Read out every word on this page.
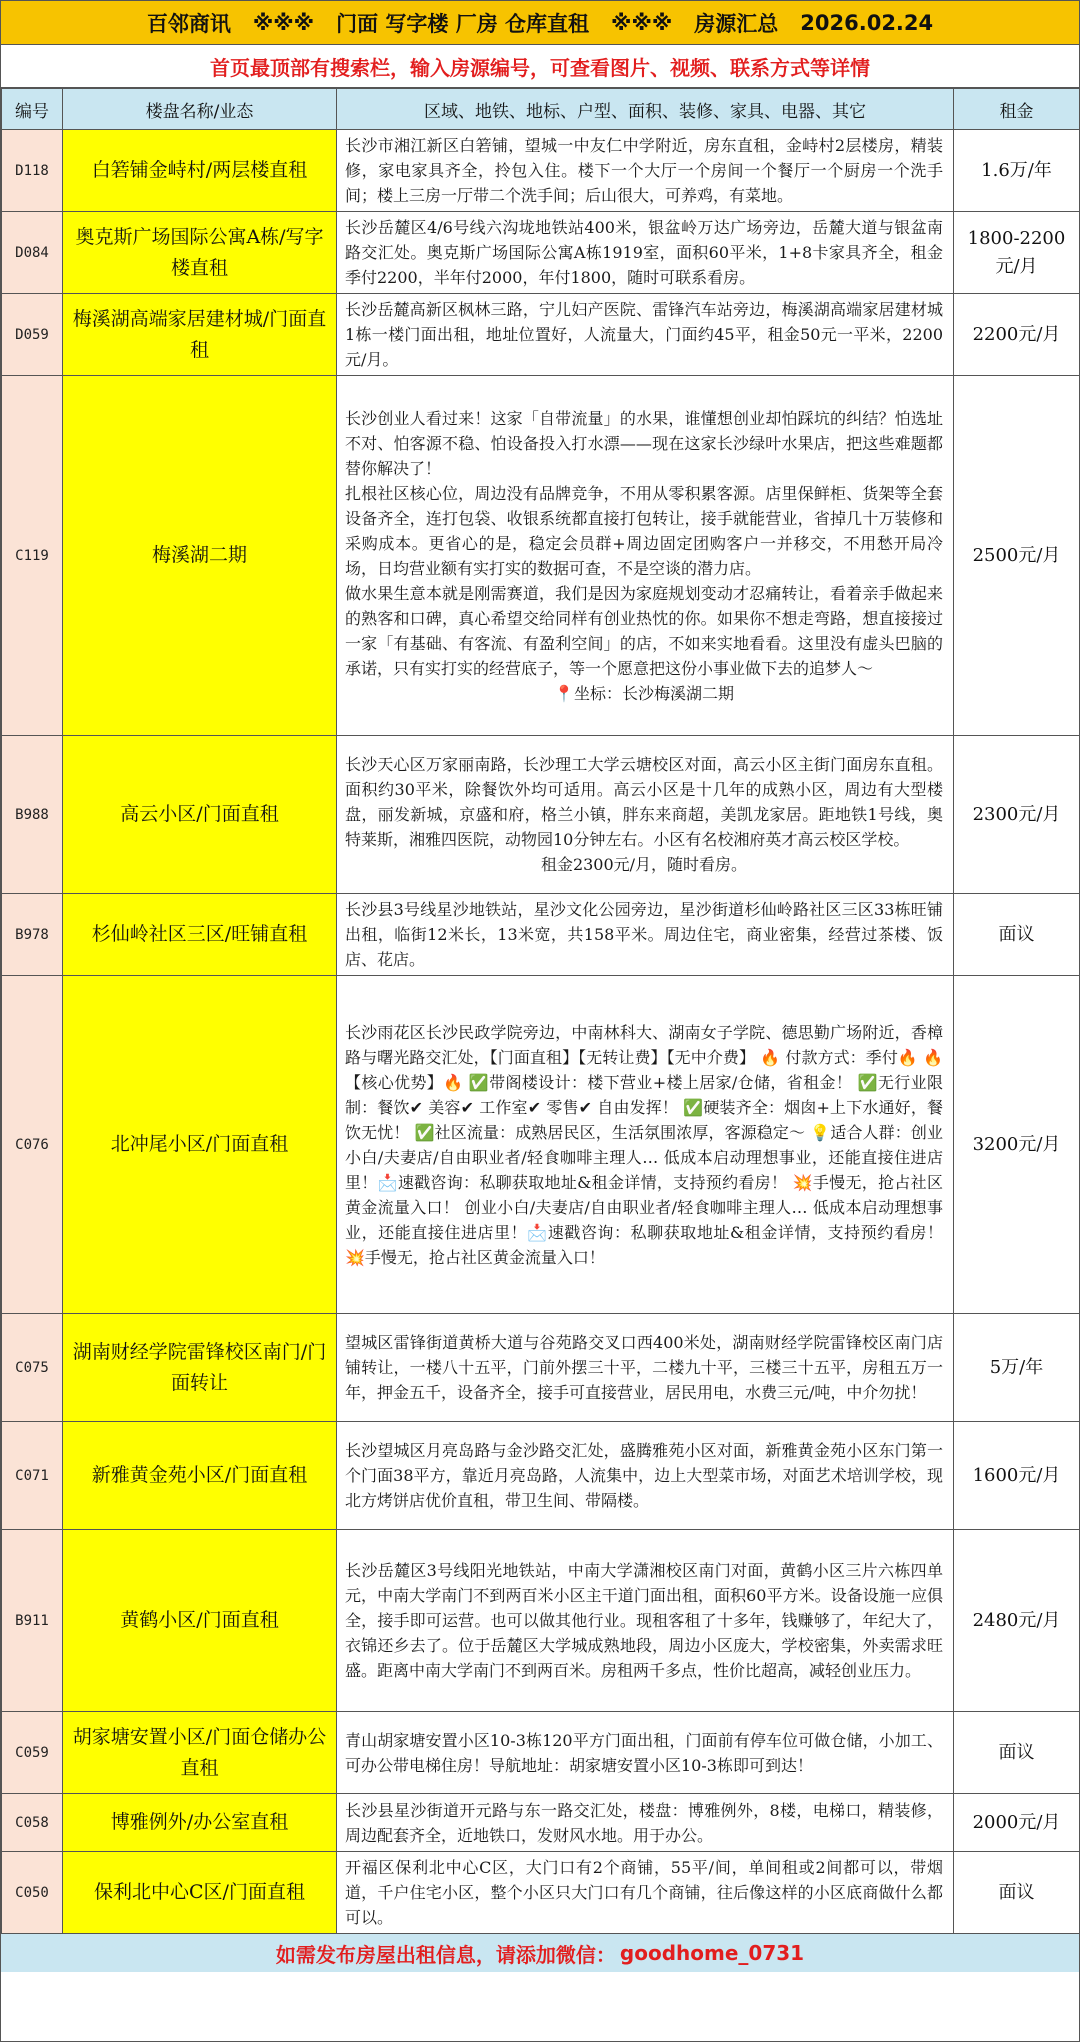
百邻商讯 ※※※ 门面 写字楼 厂房 仓库直租 ※※※ 房源汇总 2026.02.24
首页最顶部有搜索栏，输入房源编号，可查看图片、视频、联系方式等详情
编号	楼盘名称/业态	区域、地铁、地标、户型、面积、装修、家具、电器、其它	租金
D118	白箬铺金峙村/两层楼直租	长沙市湘江新区白箬铺，望城一中友仁中学附近，房东直租，金峙村2层楼房，精装修，家电家具齐全，拎包入住。楼下一个大厅一个房间一个餐厅一个厨房一个洗手间；楼上三房一厅带二个洗手间；后山很大，可养鸡，有菜地。	1.6万/年
D084	奥克斯广场国际公寓A栋/写字楼直租	长沙岳麓区4/6号线六沟垅地铁站400米，银盆岭万达广场旁边，岳麓大道与银盆南路交汇处。奥克斯广场国际公寓A栋1919室，面积60平米，1+8卡家具齐全，租金季付2200，半年付2000，年付1800，随时可联系看房。	1800-2200元/月
D059	梅溪湖高端家居建材城/门面直租	长沙岳麓高新区枫林三路，宁儿妇产医院、雷锋汽车站旁边，梅溪湖高端家居建材城1栋一楼门面出租，地址位置好，人流量大，门面约45平，租金50元一平米，2200元/月。	2200元/月
C119	梅溪湖二期	长沙创业人看过来！这家「自带流量」的水果，谁懂想创业却怕踩坑的纠结？怕选址不对、怕客源不稳、怕设备投入打水漂——现在这家长沙绿叶水果店，把这些难题都替你解决了！
扎根社区核心位，周边没有品牌竞争，不用从零积累客源。店里保鲜柜、货架等全套设备齐全，连打包袋、收银系统都直接打包转让，接手就能营业，省掉几十万装修和采购成本。更省心的是，稳定会员群+周边固定团购客户一并移交，不用愁开局冷场，日均营业额有实打实的数据可查，不是空谈的潜力店。
做水果生意本就是刚需赛道，我们是因为家庭规划变动才忍痛转让，看着亲手做起来的熟客和口碑，真心希望交给同样有创业热忱的你。如果你不想走弯路，想直接接过一家「有基础、有客流、有盈利空间」的店，不如来实地看看。这里没有虚头巴脑的承诺，只有实打实的经营底子，等一个愿意把这份小事业做下去的追梦人～
📍坐标：长沙梅溪湖二期	2500元/月
B988	高云小区/门面直租	长沙天心区万家丽南路，长沙理工大学云塘校区对面，高云小区主街门面房东直租。面积约30平米，除餐饮外均可适用。高云小区是十几年的成熟小区，周边有大型楼盘，丽发新城，京盛和府，格兰小镇，胖东来商超，美凯龙家居。距地铁1号线，奥特莱斯，湘雅四医院，动物园10分钟左右。小区有名校湘府英才高云校区学校。
租金2300元/月，随时看房。	2300元/月
B978	杉仙岭社区三区/旺铺直租	长沙县3号线星沙地铁站，星沙文化公园旁边，星沙街道杉仙岭路社区三区33栋旺铺出租，临街12米长，13米宽，共158平米。周边住宅，商业密集，经营过茶楼、饭店、花店。	面议
C076	北冲尾小区/门面直租	长沙雨花区长沙民政学院旁边，中南林科大、湖南女子学院、德思勤广场附近，香樟路与曙光路交汇处，【门面直租】【无转让费】【无中介费】 🔥 付款方式：季付🔥 🔥【核心优势】🔥 ✅带阁楼设计：楼下营业+楼上居家/仓储，省租金！ ✅无行业限制：餐饮✔ 美容✔ 工作室✔ 零售✔ 自由发挥！ ✅硬装齐全：烟囱+上下水通好，餐饮无忧！ ✅社区流量：成熟居民区，生活氛围浓厚，客源稳定～ 💡适合人群：创业小白/夫妻店/自由职业者/轻食咖啡主理人… 低成本启动理想事业，还能直接住进店里！📩速戳咨询：私聊获取地址&租金详情，支持预约看房！ 💥手慢无，抢占社区黄金流量入口！ 创业小白/夫妻店/自由职业者/轻食咖啡主理人… 低成本启动理想事业，还能直接住进店里！📩速戳咨询：私聊获取地址&租金详情，支持预约看房！ 💥手慢无，抢占社区黄金流量入口！	3200元/月
C075	湖南财经学院雷锋校区南门/门面转让	望城区雷锋街道黄桥大道与谷苑路交叉口西400米处，湖南财经学院雷锋校区南门店铺转让，一楼八十五平，门前外摆三十平，二楼九十平，三楼三十五平，房租五万一年，押金五千，设备齐全，接手可直接营业，居民用电，水费三元/吨，中介勿扰！	5万/年
C071	新雅黄金苑小区/门面直租	长沙望城区月亮岛路与金沙路交汇处，盛腾雅苑小区对面，新雅黄金苑小区东门第一个门面38平方，靠近月亮岛路，人流集中，边上大型菜市场，对面艺术培训学校，现北方烤饼店优价直租，带卫生间、带隔楼。	1600元/月
B911	黄鹤小区/门面直租	长沙岳麓区3号线阳光地铁站，中南大学潇湘校区南门对面，黄鹤小区三片六栋四单元，中南大学南门不到两百米小区主干道门面出租，面积60平方米。设备设施一应俱全，接手即可运营。也可以做其他行业。现租客租了十多年，钱赚够了，年纪大了，衣锦还乡去了。位于岳麓区大学城成熟地段，周边小区庞大，学校密集，外卖需求旺盛。距离中南大学南门不到两百米。房租两千多点，性价比超高，减轻创业压力。	2480元/月
C059	胡家塘安置小区/门面仓储办公直租	青山胡家塘安置小区10-3栋120平方门面出租，门面前有停车位可做仓储，小加工、可办公带电梯住房！导航地址：胡家塘安置小区10-3栋即可到达！	面议
C058	博雅例外/办公室直租	长沙县星沙街道开元路与东一路交汇处，楼盘：博雅例外，8楼，电梯口，精装修，周边配套齐全，近地铁口，发财风水地。用于办公。	2000元/月
C050	保利北中心C区/门面直租	开福区保利北中心C区，大门口有2个商铺，55平/间，单间租或2间都可以，带烟道，千户住宅小区，整个小区只大门口有几个商铺，往后像这样的小区底商做什么都可以。	面议
如需发布房屋出租信息，请添加微信： goodhome_0731
